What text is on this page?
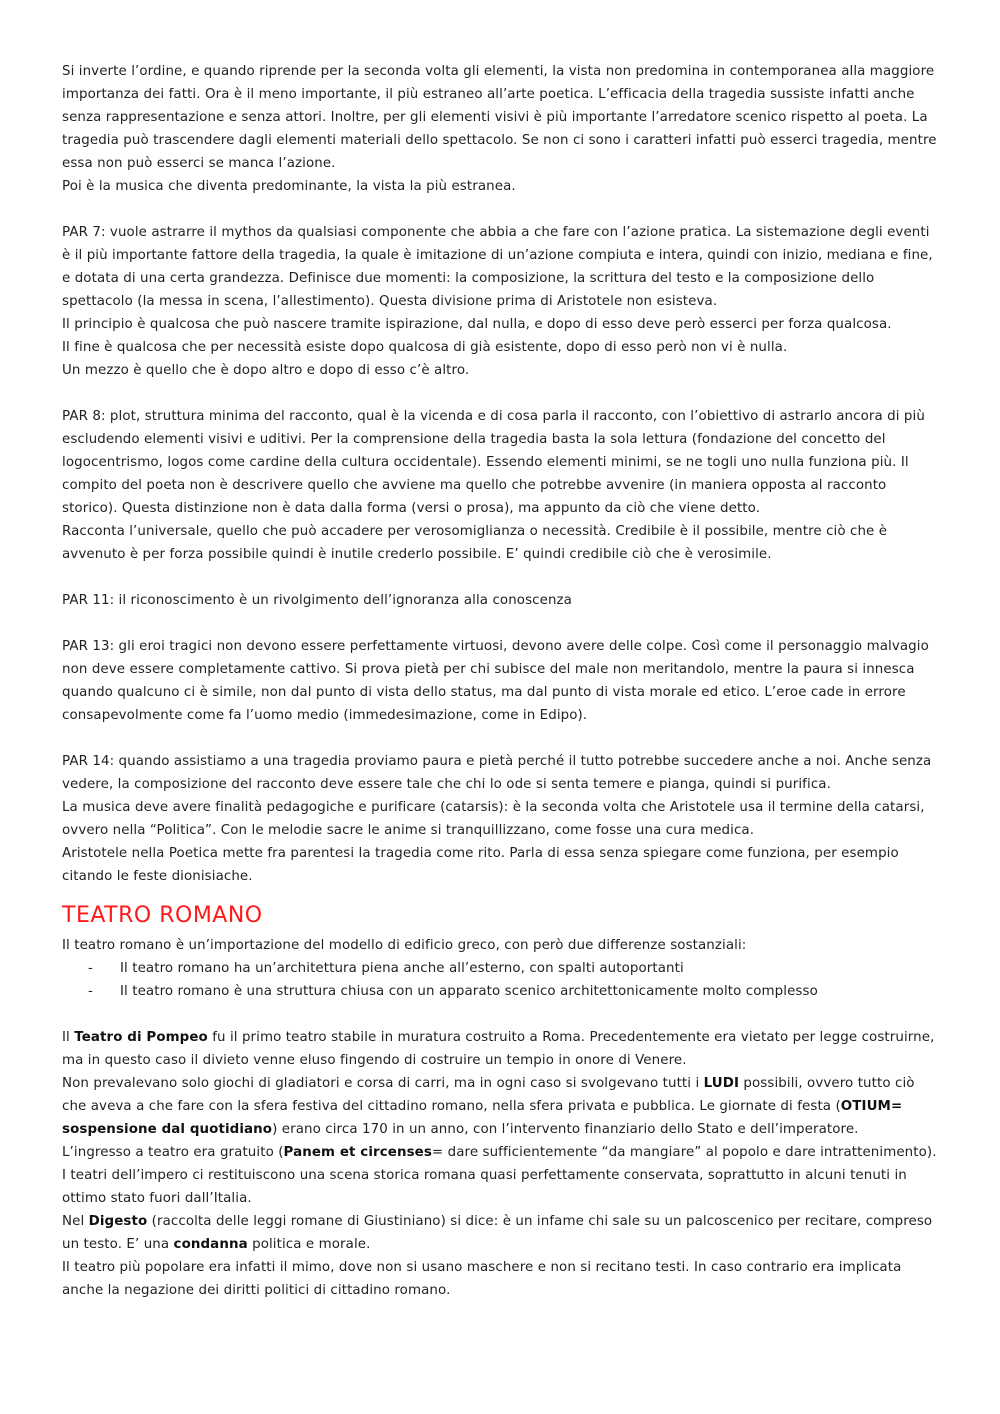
Si inverte l’ordine, e quando riprende per la seconda volta gli elementi, la vista non predomina in contemporanea alla maggiore importanza dei fatti. Ora è il meno importante, il più estraneo all’arte poetica. L’efficacia della tragedia sussiste infatti anche senza rappresentazione e senza attori. Inoltre, per gli elementi visivi è più importante l’arredatore scenico rispetto al poeta. La tragedia può trascendere dagli elementi materiali dello spettacolo. Se non ci sono i caratteri infatti può esserci tragedia, mentre essa non può esserci se manca l’azione.

Poi è la musica che diventa predominante, la vista la più estranea.

PAR 7: vuole astrarre il mythos da qualsiasi componente che abbia a che fare con l’azione pratica. La sistemazione degli eventi è il più importante fattore della tragedia, la quale è imitazione di un’azione compiuta e intera, quindi con inizio, mediana e fine, e dotata di una certa grandezza. Definisce due momenti: la composizione, la scrittura del testo e la composizione dello spettacolo (la messa in scena, l’allestimento). Questa divisione prima di Aristotele non esisteva.

Il principio è qualcosa che può nascere tramite ispirazione, dal nulla, e dopo di esso deve però esserci per forza qualcosa.

Il fine è qualcosa che per necessità esiste dopo qualcosa di già esistente, dopo di esso però non vi è nulla.

Un mezzo è quello che è dopo altro e dopo di esso c’è altro.

PAR 8: plot, struttura minima del racconto, qual è la vicenda e di cosa parla il racconto, con l’obiettivo di astrarlo ancora di più escludendo elementi visivi e uditivi. Per la comprensione della tragedia basta la sola lettura (fondazione del concetto del logocentrismo, logos come cardine della cultura occidentale). Essendo elementi minimi, se ne togli uno nulla funziona più. Il compito del poeta non è descrivere quello che avviene ma quello che potrebbe avvenire (in maniera opposta al racconto storico). Questa distinzione non è data dalla forma (versi o prosa), ma appunto da ciò che viene detto.

Racconta l’universale, quello che può accadere per verosomiglianza o necessità. Credibile è il possibile, mentre ciò che è avvenuto è per forza possibile quindi è inutile crederlo possibile. E’ quindi credibile ciò che è verosimile.

PAR 11: il riconoscimento è un rivolgimento dell’ignoranza alla conoscenza

PAR 13: gli eroi tragici non devono essere perfettamente virtuosi, devono avere delle colpe. Così come il personaggio malvagio non deve essere completamente cattivo. Si prova pietà per chi subisce del male non meritandolo, mentre la paura si innesca quando qualcuno ci è simile, non dal punto di vista dello status, ma dal punto di vista morale ed etico. L’eroe cade in errore consapevolmente come fa l’uomo medio (immedesimazione, come in Edipo).

PAR 14: quando assistiamo a una tragedia proviamo paura e pietà perché il tutto potrebbe succedere anche a noi. Anche senza vedere, la composizione del racconto deve essere tale che chi lo ode si senta temere e pianga, quindi si purifica.

La musica deve avere finalità pedagogiche e purificare (catarsis): è la seconda volta che Aristotele usa il termine della catarsi, ovvero nella “Politica”. Con le melodie sacre le anime si tranquillizzano, come fosse una cura medica.

Aristotele nella Poetica mette fra parentesi la tragedia come rito. Parla di essa senza spiegare come funziona, per esempio citando le feste dionisiache.

TEATRO ROMANO

Il teatro romano è un’importazione del modello di edificio greco, con però due differenze sostanziali:

- Il teatro romano ha un’architettura piena anche all’esterno, con spalti autoportanti
- Il teatro romano è una struttura chiusa con un apparato scenico architettonicamente molto complesso

Il Teatro di Pompeo fu il primo teatro stabile in muratura costruito a Roma. Precedentemente era vietato per legge costruirne, ma in questo caso il divieto venne eluso fingendo di costruire un tempio in onore di Venere.

Non prevalevano solo giochi di gladiatori e corsa di carri, ma in ogni caso si svolgevano tutti i LUDI possibili, ovvero tutto ciò che aveva a che fare con la sfera festiva del cittadino romano, nella sfera privata e pubblica. Le giornate di festa (OTIUM= sospensione dal quotidiano) erano circa 170 in un anno, con l’intervento finanziario dello Stato e dell’imperatore.

L’ingresso a teatro era gratuito (Panem et circenses= dare sufficientemente “da mangiare” al popolo e dare intrattenimento).

I teatri dell’impero ci restituiscono una scena storica romana quasi perfettamente conservata, soprattutto in alcuni tenuti in ottimo stato fuori dall’Italia.

Nel Digesto (raccolta delle leggi romane di Giustiniano) si dice: è un infame chi sale su un palcoscenico per recitare, compreso un testo. E’ una condanna politica e morale.

Il teatro più popolare era infatti il mimo, dove non si usano maschere e non si recitano testi. In caso contrario era implicata anche la negazione dei diritti politici di cittadino romano.
